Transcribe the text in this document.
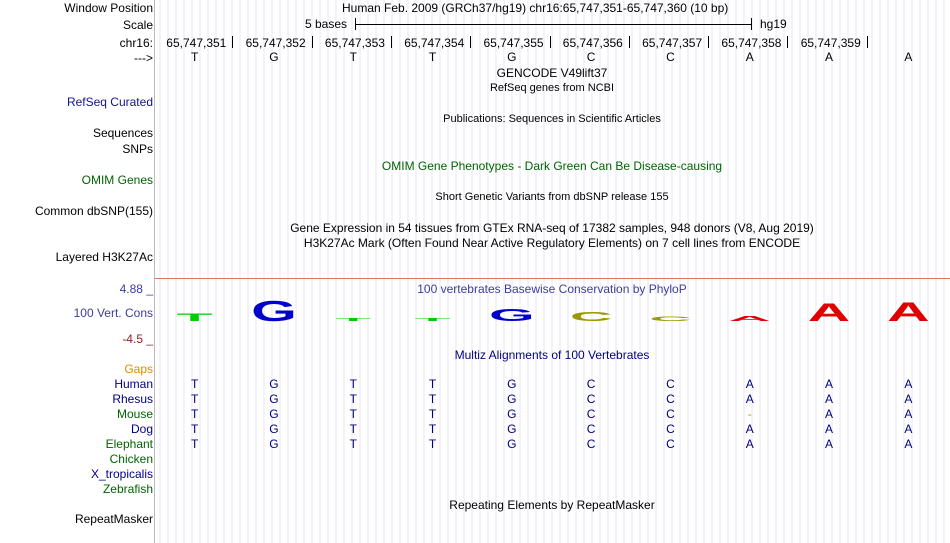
Window Position	Human Feb. 2009 (GRCh37/hg19) chr16:65,747,351-65,747,360 (10 bp)
Scale	5 bases	hg19
chr16: 65,747,351 65,747,352 65,747,353 65,747,354 65,747,355 65,747,356 65,747,357 65,747,358 65,747,359
--->	T	G	T	T	G	C	C	A	A	A
GENCODE V49lift37
RefSeq genes from NCBI
RefSeq Curated
Publications: Sequences in Scientific Articles
Sequences
SNPs
OMIM Gene Phenotypes - Dark Green Can Be Disease-causing
OMIM Genes
Short Genetic Variants from dbSNP release 155
Common dbSNP(155)
Gene Expression in 54 tissues from GTEx RNA-seq of 17382 samples, 948 donors (V8, Aug 2019)
H3K27Ac Mark (Often Found Near Active Regulatory Elements) on 7 cell lines from ENCODE
Layered H3K27Ac
100 vertebrates Basewise Conservation by PhyloP
4.88 _
100 Vert. Cons
-4.5 _
T G T T G C C A A A
Multiz Alignments of 100 Vertebrates
Gaps
Human	T	G	T	T	G	C	C	A	A	A
Rhesus	T	G	T	T	G	C	C	A	A	A
Mouse	T	G	T	T	G	C	C	-	A	A
Dog	T	G	T	T	G	C	C	A	A	A
Elephant	T	G	T	T	G	C	C	A	A	A
Chicken
X_tropicalis
Zebrafish
Repeating Elements by RepeatMasker
RepeatMasker
